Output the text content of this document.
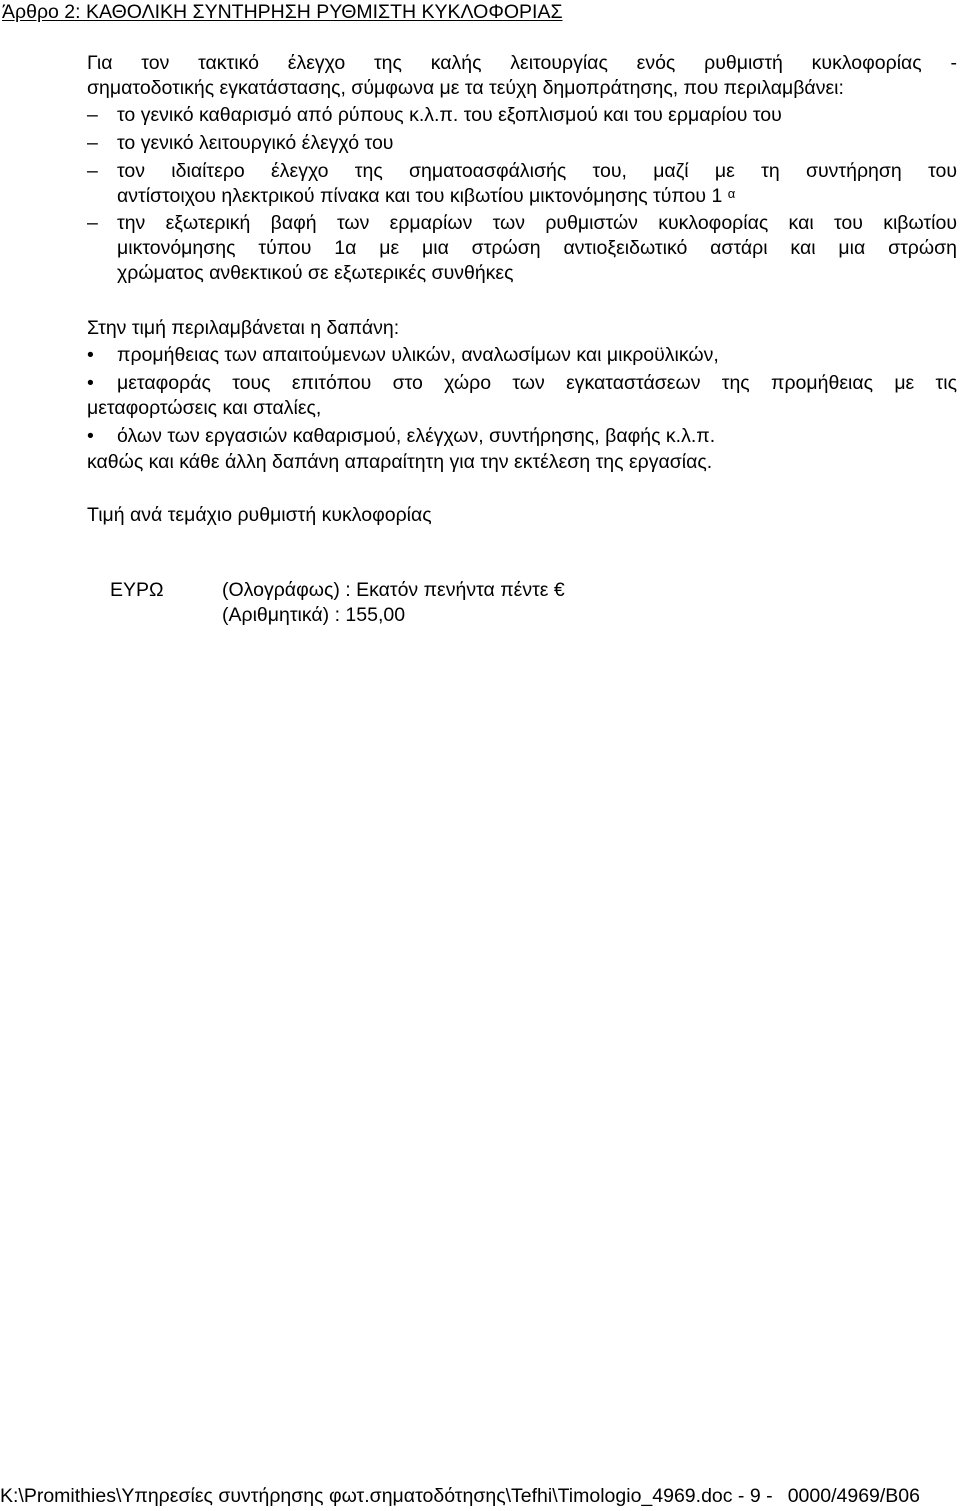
Άρθρο 2: ΚΑΘΟΛΙΚΗ ΣΥΝΤΗΡΗΣΗ ΡΥΘΜΙΣΤΗ ΚΥΚΛΟΦΟΡΙΑΣ
Για τον τακτικό έλεγχο της καλής λειτουργίας ενός ρυθμιστή κυκλοφορίας -
σηματοδοτικής εγκατάστασης, σύμφωνα με τα τεύχη δημοπράτησης, που περιλαμβάνει:
– το γενικό καθαρισμό από ρύπους κ.λ.π. του εξοπλισμού και του ερμαρίου του
– το γενικό λειτουργικό έλεγχό του
– τον ιδιαίτερο έλεγχο της σηματοασφάλισής του, μαζί με τη συντήρηση του
αντίστοιχου ηλεκτρικού πίνακα και του κιβωτίου μικτονόμησης τύπου 1 $^\alpha$
– την εξωτερική βαφή των ερμαρίων των ρυθμιστών κυκλοφορίας και του κιβωτίου
μικτονόμησης τύπου 1α με μια στρώση αντιοξειδωτικό αστάρι και μια στρώση
χρώματος ανθεκτικού σε εξωτερικές συνθήκες
Στην τιμή περιλαμβάνεται η δαπάνη:
•	προμήθειας των απαιτούμενων υλικών, αναλωσίμων και μικροϋλικών,
•	μεταφοράς τους επιτόπου στο χώρο των εγκαταστάσεων της προμήθειας με τις
μεταφορτώσεις και σταλίες,
•	όλων των εργασιών καθαρισμού, ελέγχων, συντήρησης, βαφής κ.λ.π.
καθώς και κάθε άλλη δαπάνη απαραίτητη για την εκτέλεση της εργασίας.
Τιμή ανά τεμάχιο ρυθμιστή κυκλοφορίας
ΕΥΡΩ	(Ολογράφως) : Εκατόν πενήντα πέντε €
(Αριθμητικά) : 155,00
K:\Promithies\Υπηρεσίες συντήρησης φωτ.σηματοδότησης\Tefhi\Timologio_4969.doc - 9 - 0000/4969/B06
